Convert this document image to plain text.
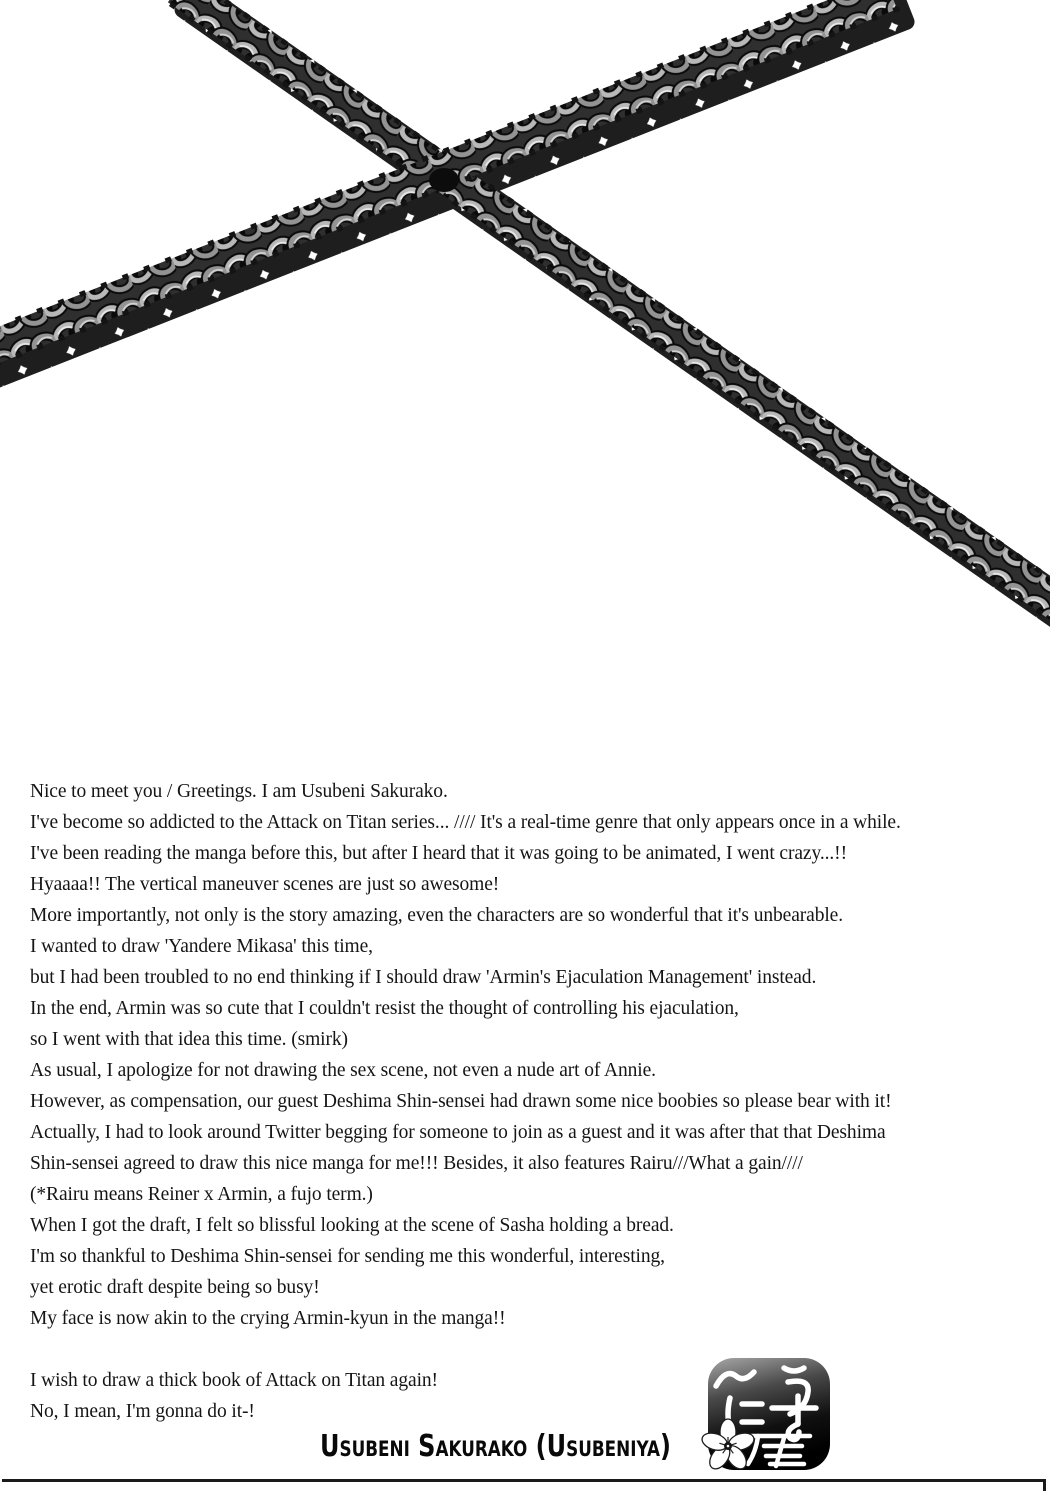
Nice to meet you / Greetings. I am Usubeni Sakurako.
I've become so addicted to the Attack on Titan series... //// It's a real-time genre that only appears once in a while.
I've been reading the manga before this, but after I heard that it was going to be animated, I went crazy...!!
Hyaaaa!! The vertical maneuver scenes are just so awesome!
More importantly, not only is the story amazing, even the characters are so wonderful that it's unbearable.
I wanted to draw 'Yandere Mikasa' this time,
but I had been troubled to no end thinking if I should draw 'Armin's Ejaculation Management' instead.
In the end, Armin was so cute that I couldn't resist the thought of controlling his ejaculation,
so I went with that idea this time. (smirk)
As usual, I apologize for not drawing the sex scene, not even a nude art of Annie.
However, as compensation, our guest Deshima Shin-sensei had drawn some nice boobies so please bear with it!
Actually, I had to look around Twitter begging for someone to join as a guest and it was after that that Deshima
Shin-sensei agreed to draw this nice manga for me!!! Besides, it also features Rairu///What a gain////
(*Rairu means Reiner x Armin, a fujo term.)
When I got the draft, I felt so blissful looking at the scene of Sasha holding a bread.
I'm so thankful to Deshima Shin-sensei for sending me this wonderful, interesting,
yet erotic draft despite being so busy!
My face is now akin to the crying Armin-kyun in the manga!!

I wish to draw a thick book of Attack on Titan again!
No, I mean, I'm gonna do it-!
Usubeni Sakurako (Usubeniya)
